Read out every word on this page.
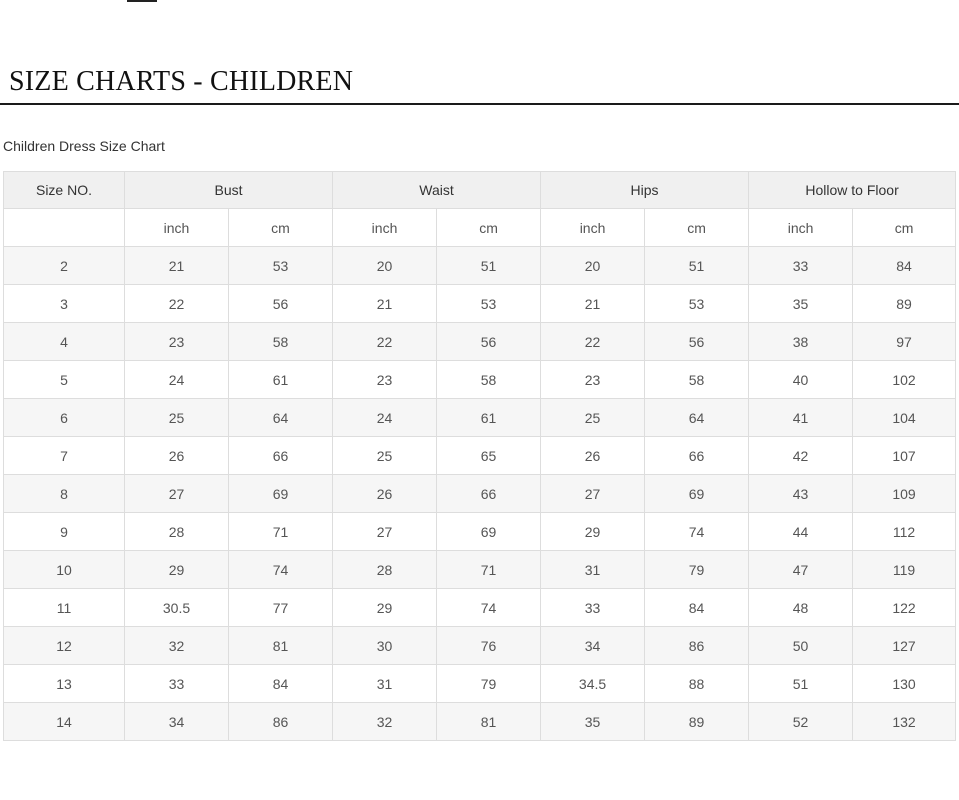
SIZE CHARTS - CHILDREN
Children Dress Size Chart
Size NO.	Bust		Waist		Hips		Hollow to Floor	
	inch	cm	inch	cm	inch	cm	inch	cm
2	21	53	20	51	20	51	33	84
3	22	56	21	53	21	53	35	89
4	23	58	22	56	22	56	38	97
5	24	61	23	58	23	58	40	102
6	25	64	24	61	25	64	41	104
7	26	66	25	65	26	66	42	107
8	27	69	26	66	27	69	43	109
9	28	71	27	69	29	74	44	112
10	29	74	28	71	31	79	47	119
11	30.5	77	29	74	33	84	48	122
12	32	81	30	76	34	86	50	127
13	33	84	31	79	34.5	88	51	130
14	34	86	32	81	35	89	52	132
